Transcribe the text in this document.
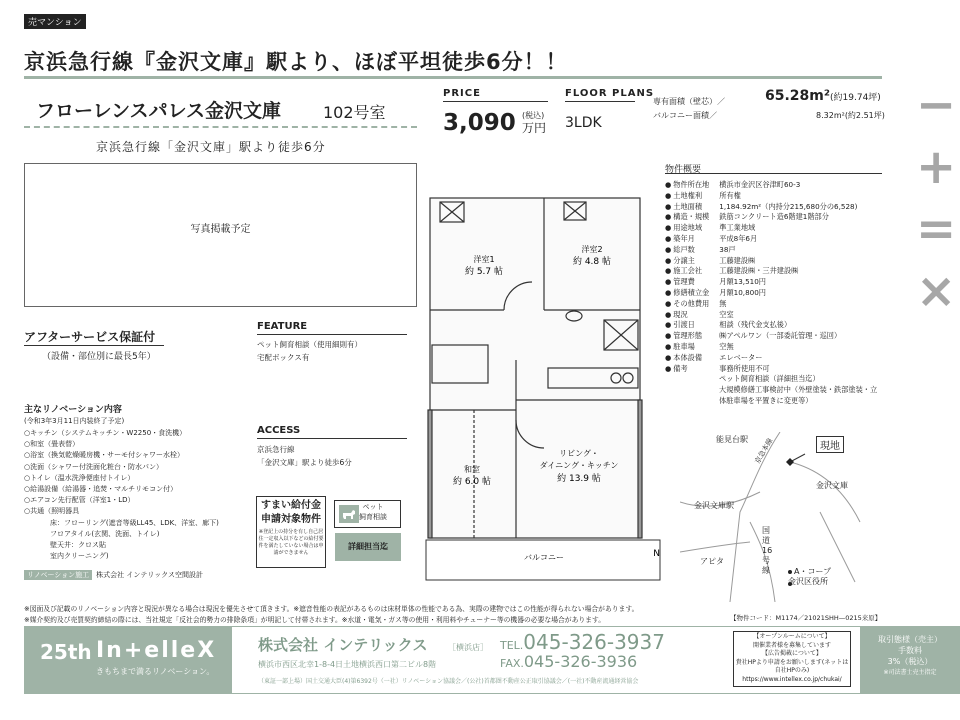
売マンション
京浜急行線『金沢文庫』駅より、ほぼ平坦徒歩6分！！
フローレンスパレス金沢文庫	102号室
京浜急行線「金沢文庫」駅より徒歩6分
写真掲載予定
PRICE
3,090 (税込)
万円
FLOOR PLANS
3LDK
専有面積（壁芯）／	65.28m²(約19.74坪)
バルコニー面積／	8.32m²(約2.51坪)
物件概要
● 物件所在地	横浜市金沢区谷津町60-3
● 土地権利	所有権
● 土地面積	1,184.92m²（内持分215,680分の6,528)
● 構造・規模	鉄筋コンクリート造6階建1階部分
● 用途地域	準工業地域
● 築年月	平成8年6月
● 総戸数	38戸
● 分譲主	工藤建設㈱
● 施工会社	工藤建設㈱・三井建設㈱
● 管理費	月額13,510円
● 修繕積立金	月額10,800円
● その他費用	無
● 現況	空室
● 引渡日	相談（残代金支払後）
● 管理形態	㈱アペルワン（一部委託管理・巡回）
● 駐車場	空無
● 本体設備	エレベーター
● 備考	事務所使用不可
ペット飼育相談（詳細担当迄）
大規模修繕工事検討中（外壁塗装・鉄部塗装・立
体駐車場を平置きに変更等）
アフターサービス保証付
（設備・部位別に最長5年）
主なリノベーション内容
(令和3年3月11日内装終了予定)
○キッチン（システムキッチン・W2250・食洗機）
○和室（畳表替）
○浴室（換気乾燥暖房機・サーモ付シャワー水栓）
○洗面（シャワー付洗面化粧台・防水パン）
○トイレ（温水洗浄便座付トイレ）
○給湯設備（給湯器・追焚・マルチリモコン付）
○エアコン先行配管（洋室1・LD）
○共通（照明器具
床：フローリング(遮音等級LL45、LDK、洋室、廊下)
フロアタイル(玄関、洗面、トイレ)
壁天井：クロス貼
室内クリーニング)
リノベーション施工 株式会社 インテリックス空間設計
FEATURE
ペット飼育相談（使用細則有）
宅配ボックス有
ACCESS
京浜急行線
「金沢文庫」駅より徒歩6分
すまい給付金
申請対象物件

※登記上の持分を有し自己居住一定収入以下などの給付要件を満たしていない場合は申請ができません

ペット
飼育相談
詳細担当迄
洋室1
約 5.7 帖
洋室2
約 4.8 帖
和室
約 6.0 帖
リビング・
ダイニング・キッチン
約 13.9 帖
バルコニー	N
能見台駅
現地
京急本線
金沢文庫
金沢文庫駅
国道16号線	A・コープ
金沢区役所
アピタ
※図面及び記載のリノベーション内容と現況が異なる場合は現況を優先させて頂きます。※遮音性能の表記があるものは床材単体の性能である為、実際の建物ではこの性能が得られない場合があります。
※媒介契約及び売買契約締結の際には、当社規定「反社会的勢力の排除条項」が明記して付帯されます。※水道・電気・ガス等の使用・利用料やチューナー等の機器の必要な場合があります。	【物件コード：M1174／21021SHH—0215来原】
25th In+elleX
きもちまで満るリノベーション。
株式会社 インテリックス	［横浜店］
横浜市西区北幸1-8-4日土地横浜西口第二ビル8階
（東証一部上場）国土交通大臣(4)第6392号（一社）リノベーション協議会／(公社)首都圏不動産公正取引協議会／(一社)不動産流通経営協会
TEL.045-326-3937
FAX.045-326-3936
【オープンルームについて】
開催業者様を募集しています
【広告掲載について】
貴社HPより申請をお願いします(ネットは自社HPのみ)
https://www.intellex.co.jp/chukai/
取引態様（売主）
手数料
3%（税込）
※司法書士売主指定
−
+
=
×
